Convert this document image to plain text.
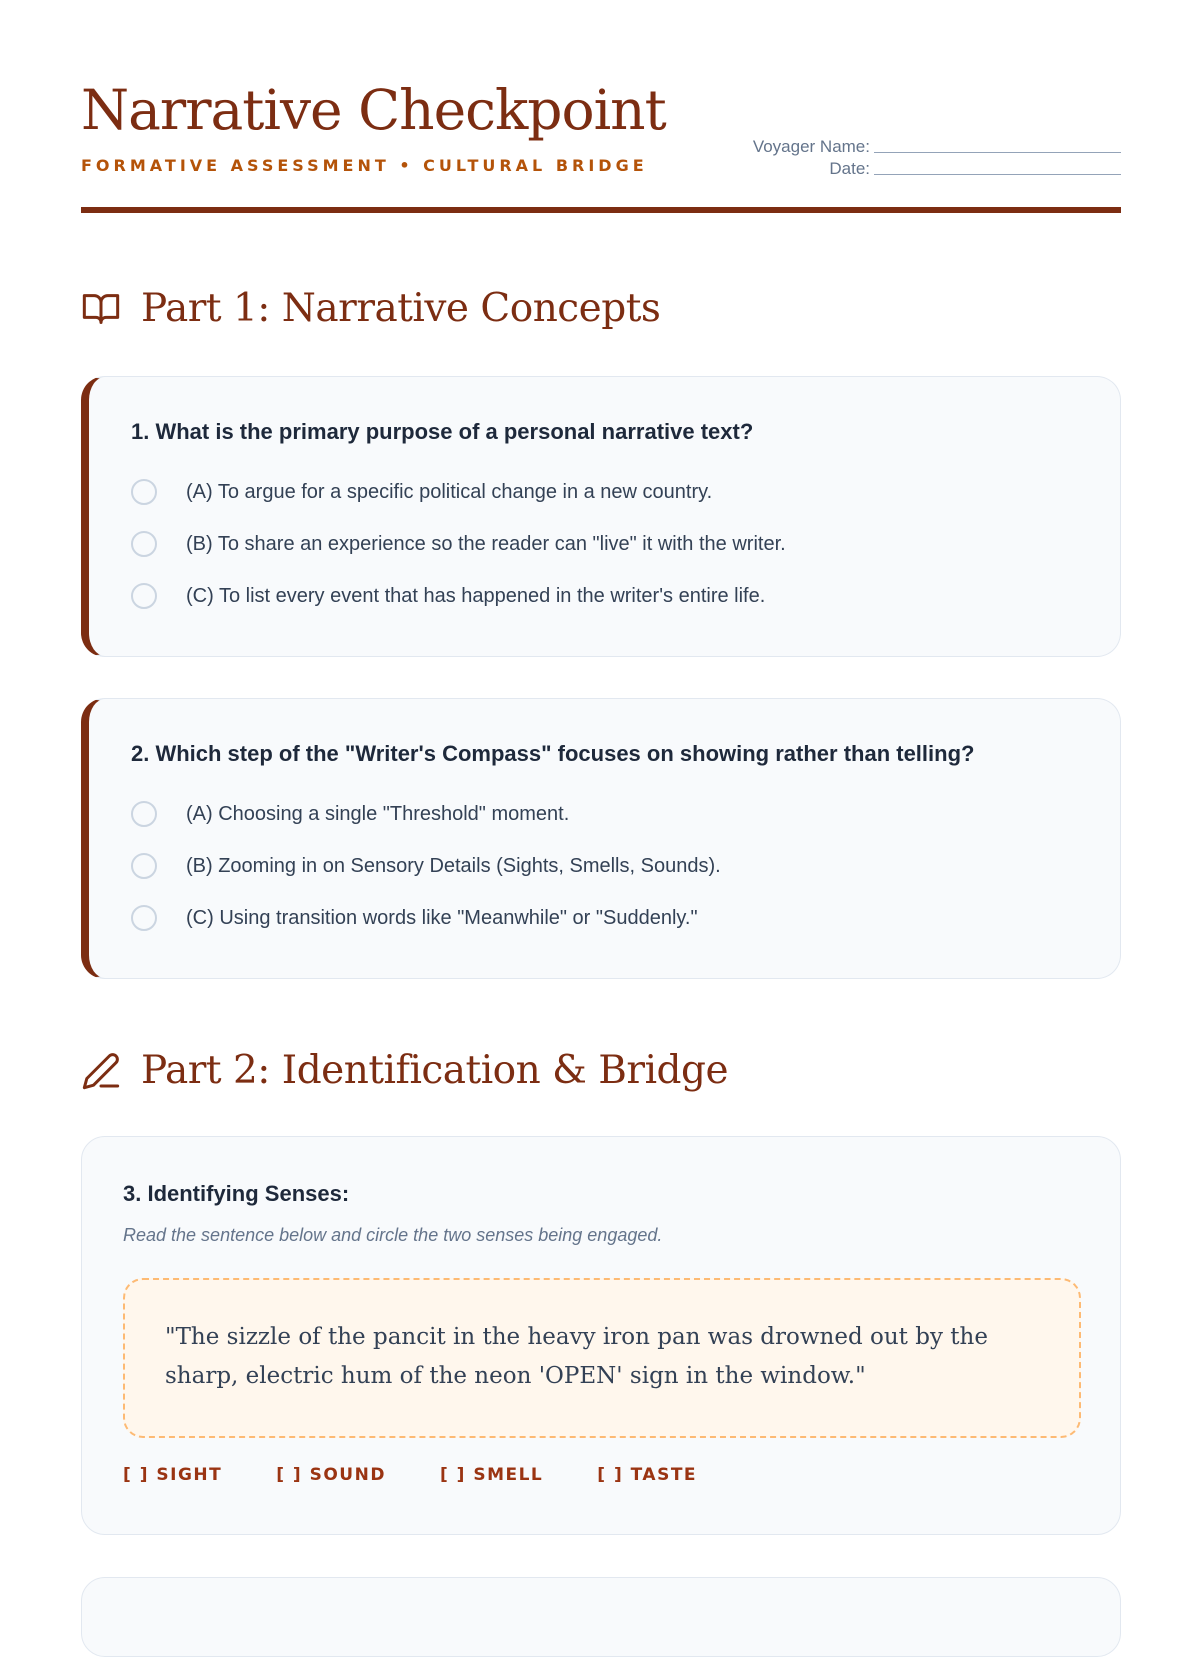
Narrative Checkpoint
FORMATIVE ASSESSMENT • CULTURAL BRIDGE
Voyager Name:
Date:
Part 1: Narrative Concepts
1. What is the primary purpose of a personal narrative text?
(A) To argue for a specific political change in a new country.
(B) To share an experience so the reader can "live" it with the writer.
(C) To list every event that has happened in the writer's entire life.
2. Which step of the "Writer's Compass" focuses on showing rather than telling?
(A) Choosing a single "Threshold" moment.
(B) Zooming in on Sensory Details (Sights, Smells, Sounds).
(C) Using transition words like "Meanwhile" or "Suddenly."
Part 2: Identification & Bridge
3. Identifying Senses:
Read the sentence below and circle the two senses being engaged.
"The sizzle of the pancit in the heavy iron pan was drowned out by the sharp, electric hum of the neon 'OPEN' sign in the window."
[ ] SIGHT	[ ] SOUND	[ ] SMELL	[ ] TASTE
